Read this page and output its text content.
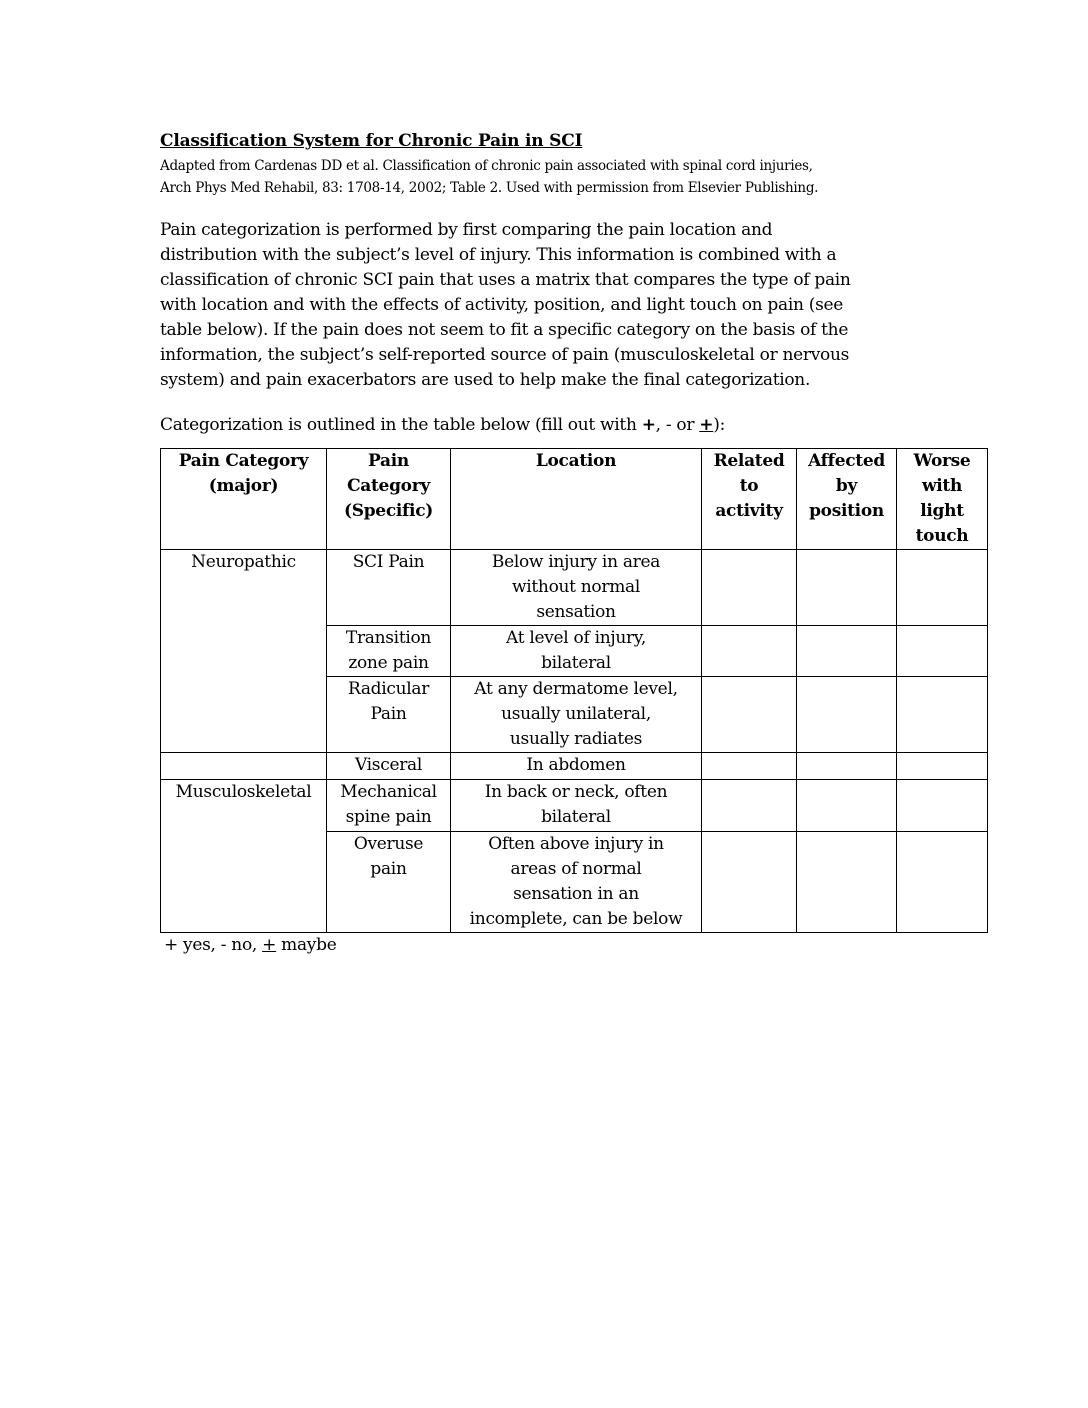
Classification System for Chronic Pain in SCI
Adapted from Cardenas DD et al. Classification of chronic pain associated with spinal cord injuries,
Arch Phys Med Rehabil, 83: 1708-14, 2002; Table 2. Used with permission from Elsevier Publishing.
Pain categorization is performed by first comparing the pain location and
distribution with the subject’s level of injury. This information is combined with a
classification of chronic SCI pain that uses a matrix that compares the type of pain
with location and with the effects of activity, position, and light touch on pain (see
table below). If the pain does not seem to fit a specific category on the basis of the
information, the subject’s self-reported source of pain (musculoskeletal or nervous
system) and pain exacerbators are used to help make the final categorization.
Categorization is outlined in the table below (fill out with +, - or +):
Pain Category
(major)	Pain
Category
(Specific)	Location	Related
to
activity	Affected
by
position	Worse
with
light
touch

Neuropathic	SCI Pain	Below injury in area
without normal
sensation			

	Transition
zone pain	At level of injury,
bilateral			

	Radicular
Pain	At any dermatome level,
usually unilateral,
usually radiates			

	Visceral	In abdomen			

Musculoskeletal	Mechanical
spine pain	In back or neck, often
bilateral			

	Overuse
pain	Often above injury in
areas of normal
sensation in an
incomplete, can be below			

+ yes, - no, + maybe
